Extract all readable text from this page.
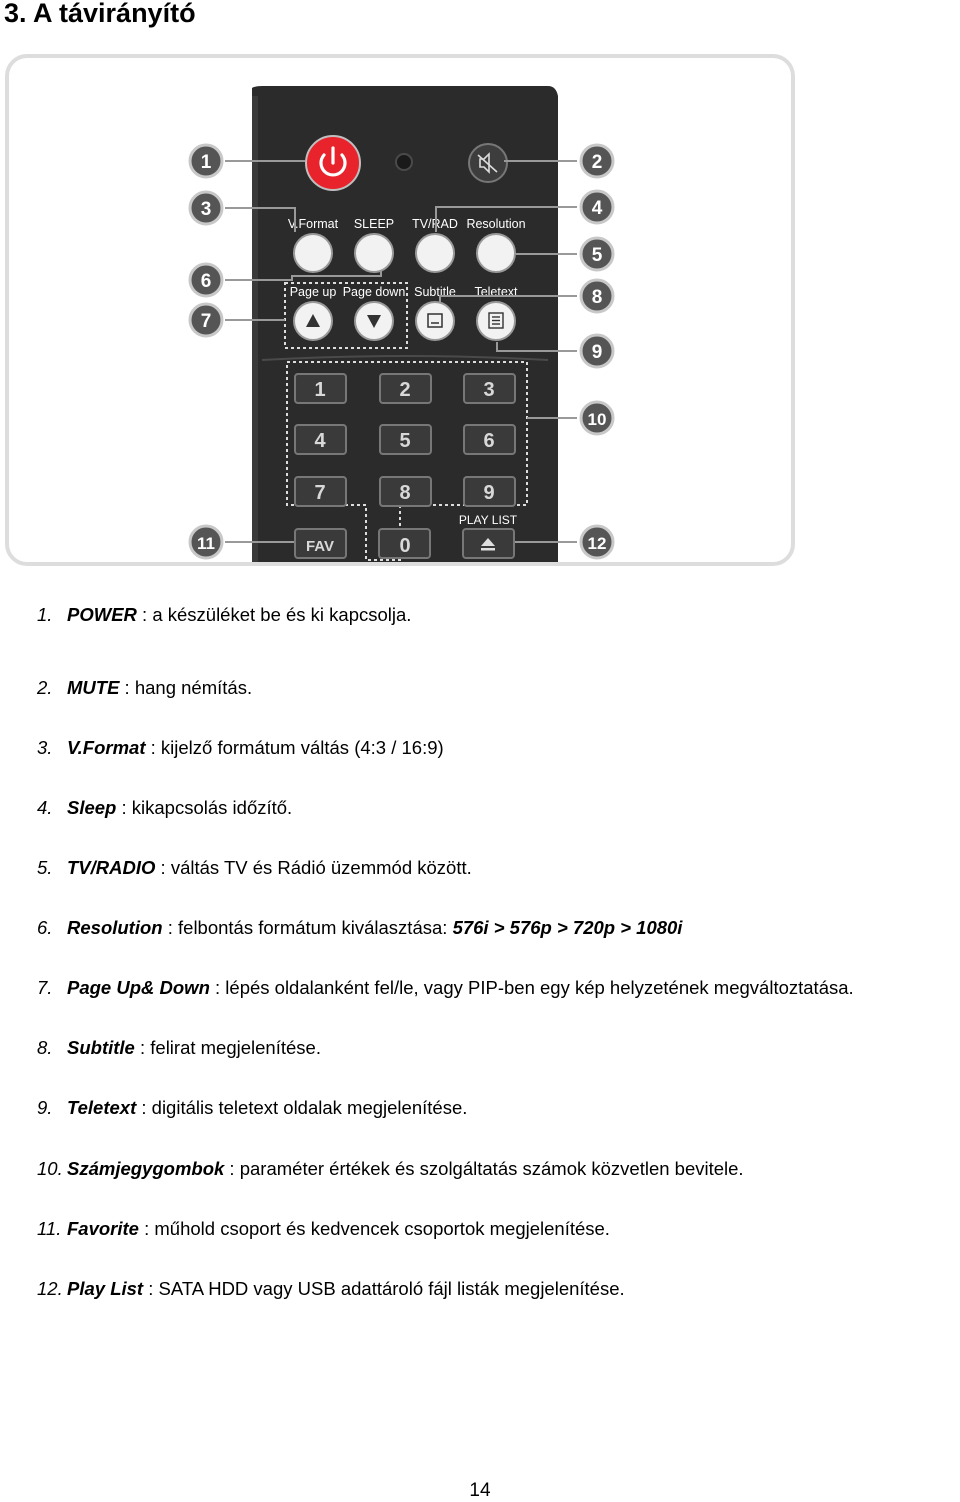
3. A távirányító
V.Format
Page up
SLEEP
Page down
TV/RAD
Subtitle
Resolution
Teletext
1	2	3
4	5	6
7	8	9
FAV	0
PLAY LIST
1	2
3	4
5
6
7
8
9
10
11	12
1. POWER : a készüléket be és ki kapcsolja.
2. MUTE : hang némítás.
3. V.Format : kijelző formátum váltás (4:3 / 16:9)
4. Sleep : kikapcsolás időzítő.
5. TV/RADIO : váltás TV és Rádió üzemmód között.
6. Resolution : felbontás formátum kiválasztása: 576i > 576p > 720p > 1080i
7. Page Up& Down : lépés oldalanként fel/le, vagy PIP-ben egy kép helyzetének megváltoztatása.
8. Subtitle : felirat megjelenítése.
9. Teletext : digitális teletext oldalak megjelenítése.
10. Számjegygombok : paraméter értékek és szolgáltatás számok közvetlen bevitele.
11. Favorite : műhold csoport és kedvencek csoportok megjelenítése.
12. Play List : SATA HDD vagy USB adattároló fájl listák megjelenítése.
14
